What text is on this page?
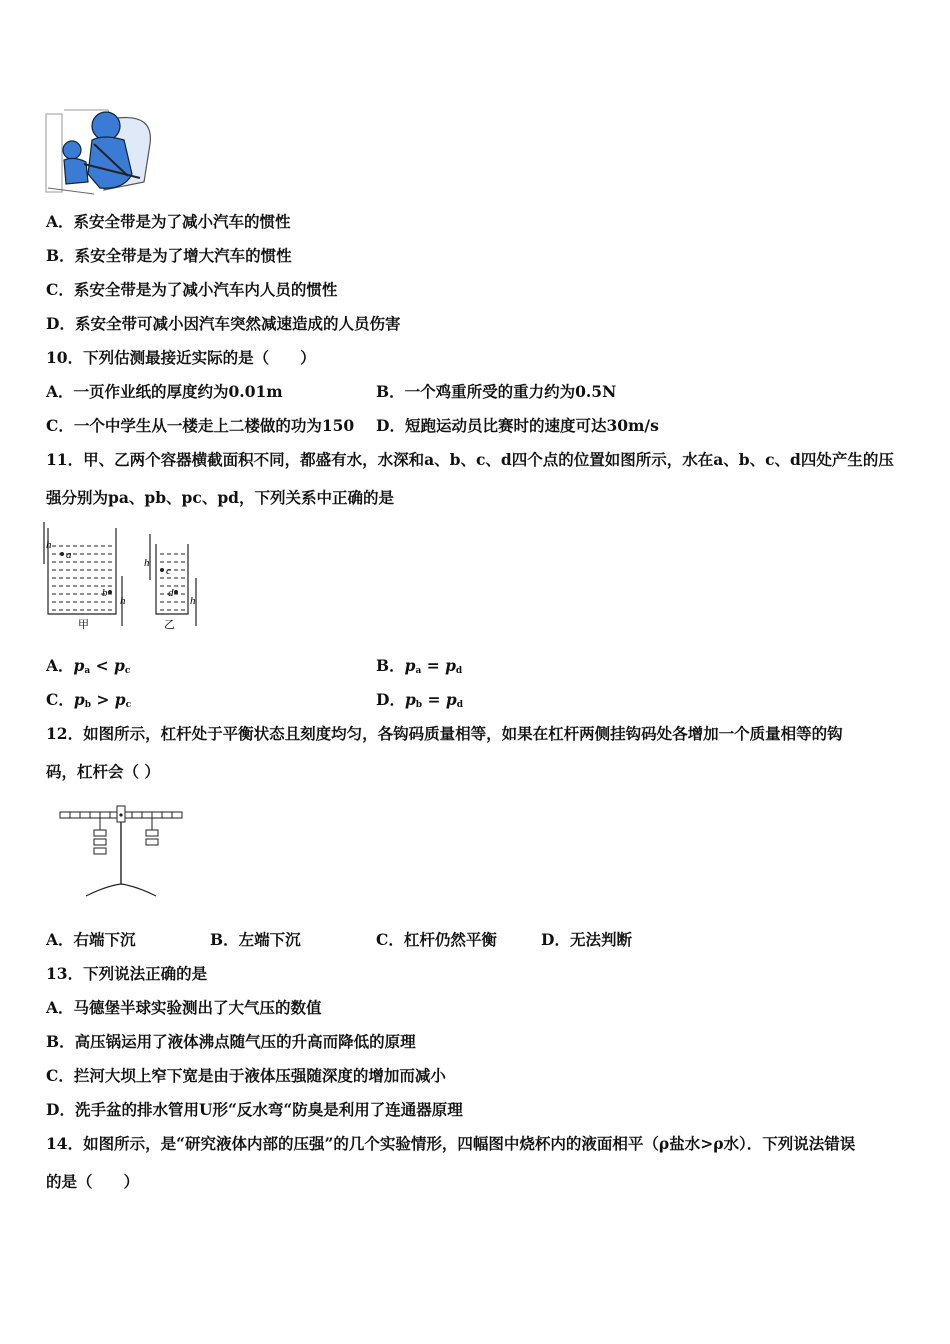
A．系安全带是为了减小汽车的惯性
B．系安全带是为了增大汽车的惯性
C．系安全带是为了减小汽车内人员的惯性
D．系安全带可减小因汽车突然减速造成的人员伤害
10．下列估测最接近实际的是（　　）
A．一页作业纸的厚度约为0.01m	B．一个鸡重所受的重力约为0.5N
C．一个中学生从一楼走上二楼做的功为150 D．短跑运动员比赛时的速度可达30m/s
11．甲、乙两个容器横截面积不同，都盛有水，水深和a、b、c、d四个点的位置如图所示，水在a、b、c、d四处产生的压
强分别为pa、pb、pc、pd，下列关系中正确的是
h
a
b
h
h
c
d
h
甲	乙
A．$p_a < p_c$	B．$p_a = p_d$
C．$p_b > p_c$	D．$p_b = p_d$
12．如图所示，杠杆处于平衡状态且刻度均匀，各钩码质量相等，如果在杠杆两侧挂钩码处各增加一个质量相等的钩
码，杠杆会（ ）
A．右端下沉	B．左端下沉	C．杠杆仍然平衡	D．无法判断
13．下列说法正确的是
A．马德堡半球实验测出了大气压的数值
B．高压锅运用了液体沸点随气压的升高而降低的原理
C．拦河大坝上窄下宽是由于液体压强随深度的增加而减小
D．洗手盆的排水管用U形“反水弯“防臭是利用了连通器原理
14．如图所示，是“研究液体内部的压强”的几个实验情形，四幅图中烧杯内的液面相平（ρ盐水>ρ水）．下列说法错误
的是（　　）
